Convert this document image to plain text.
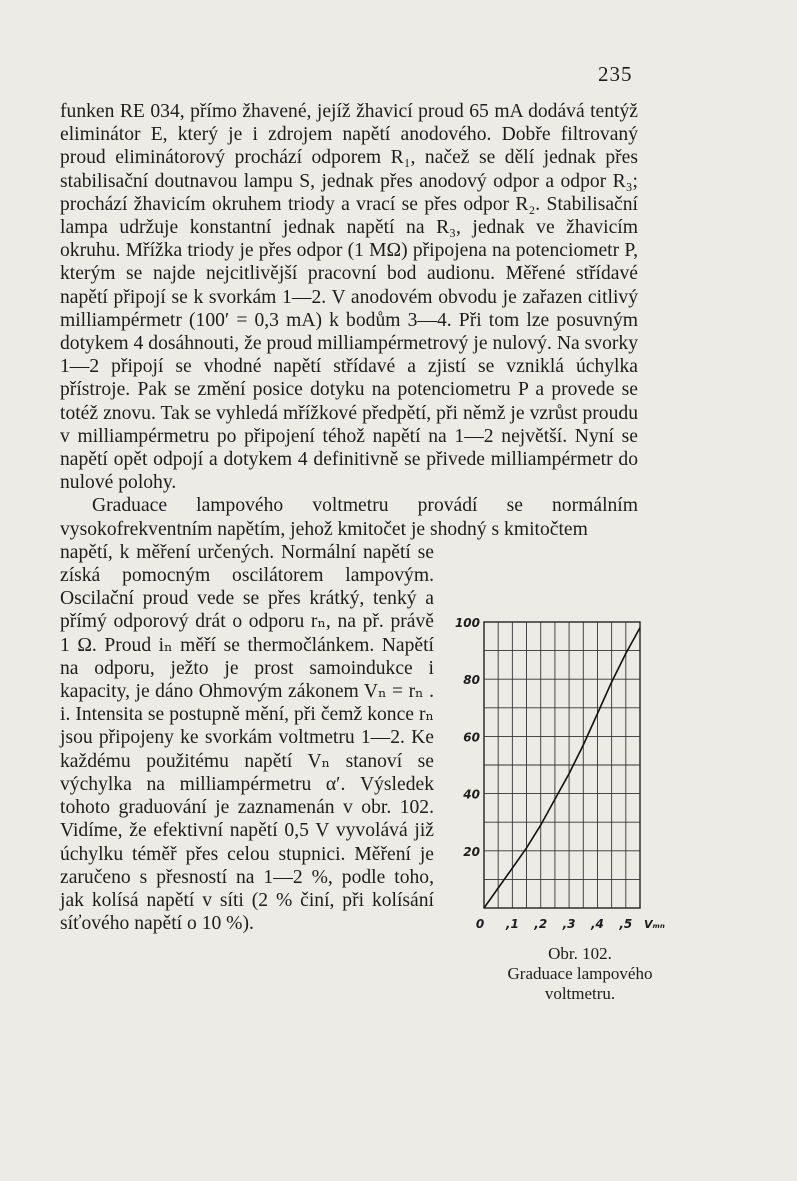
235

funken RE 034, přímo žhavené, jejíž žhavicí proud 65 mA dodává tentýž eliminátor E, který je i zdrojem napětí anodového. Dobře filtrovaný proud eliminátorový prochází odporem R₁, načež se dělí jednak přes stabilisační doutnavou lampu S, jednak přes anodový odpor a odpor R₃; prochází žhavicím okruhem triody a vrací se přes odpor R₂. Stabilisační lampa udržuje konstantní jednak napětí na R₃, jednak ve žhavicím okruhu. Mřížka triody je přes odpor (1 MΩ) připojena na potenciometr P, kterým se najde nejcitlivější pracovní bod audionu. Měřené střídavé napětí připojí se k svorkám 1—2. V anodovém obvodu je zařazen citlivý milliampérmetr (100′ = 0,3 mA) k bodům 3—4. Při tom lze posuvným dotykem 4 dosáhnouti, že proud milliampérmetrový je nulový. Na svorky 1—2 připojí se vhodné napětí střídavé a zjistí se vzniklá úchylka přístroje. Pak se změní posice dotyku na potenciometru P a provede se totéž znovu. Tak se vyhledá mřížkové předpětí, při němž je vzrůst proudu v milliampérmetru po připojení téhož napětí na 1—2 největší. Nyní se napětí opět odpojí a dotykem 4 definitivně se přivede milliampérmetr do nulové polohy.

Graduace lampového voltmetru provádí se normálním vysokofrekventním napětím, jehož kmitočet je shodný s kmitočtem

napětí, k měření určených. Normální napětí se získá pomocným oscilátorem lampovým. Oscilační proud vede se přes krátký, tenký a přímý odporový drát o odporu rₙ, na př. právě 1 Ω. Proud iₙ měří se thermočlánkem. Napětí na odporu, ježto je prost samoindukce i kapacity, je dáno Ohmovým zákonem Vₙ = rₙ . i. Intensita se postupně mění, při čemž konce rₙ jsou připojeny ke svorkám voltmetru 1—2. Ke každému použitému napětí Vₙ stanoví se výchylka na milliampérmetru α′. Výsledek tohoto graduování je zaznamenán v obr. 102. Vidíme, že efektivní napětí 0,5 V vyvolává již úchylku téměř přes celou stupnici. Měření je zaručeno s přesností na 1—2 %, podle toho, jak kolísá napětí v síti (2 % činí, při kolísání síťového napětí o 10 %).

20
40
60
80
100
0 ,1 ,2 ,3 ,4 ,5 Vₘₙ
Obr. 102.
Graduace lampového
voltmetru.
